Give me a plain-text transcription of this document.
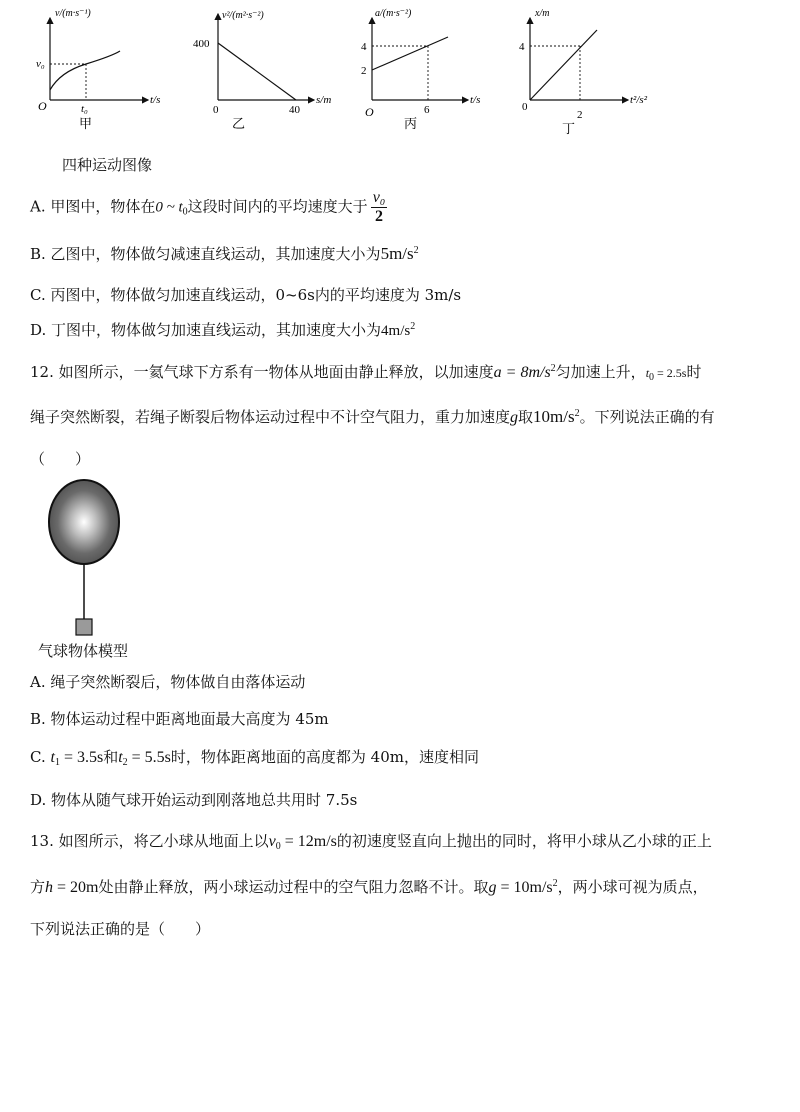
v/(m·s⁻¹)
t/s
v₀
t₀
O
甲
v²/(m²·s⁻²)
s/m
400
40
0
乙
a/(m·s⁻²)
t/s
4
2
6
O
丙
x/m
t²/s²
4
2
0
丁
四种运动图像
A. 甲图中，物体在0 ~ $t_0$这段时间内的平均速度大于 $\frac{\text{v₀}}{2}$
B. 乙图中，物体做匀减速直线运动，其加速度大小为$5m/s^2$
C. 丙图中，物体做匀加速直线运动，0~6s内的平均速度为 3m/s
D. 丁图中，物体做匀加速直线运动，其加速度大小为$4m/s^2$
12. 如图所示，一氦气球下方系有一物体从地面由静止释放，以加速度$a = 8m/s^2$匀加速上升，$t_0 = 2.5s$时
绳子突然断裂，若绳子断裂后物体运动过程中不计空气阻力，重力加速度g取$10m/s^2$。下列说法正确的有
（　　）
气球物体模型
A. 绳子突然断裂后，物体做自由落体运动
B. 物体运动过程中距离地面最大高度为 45m
C. $t_1 = 3.5s$和$t_2 = 5.5s$时，物体距离地面的高度都为 40m，速度相同
D. 物体从随气球开始运动到刚落地总共用时 7.5s
13. 如图所示，将乙小球从地面上以$v_0 = 12m/s$的初速度竖直向上抛出的同时，将甲小球从乙小球的正上
方h = 20m处由静止释放，两小球运动过程中的空气阻力忽略不计。取$g = 10m/s^2$，两小球可视为质点，
下列说法正确的是（　　）
